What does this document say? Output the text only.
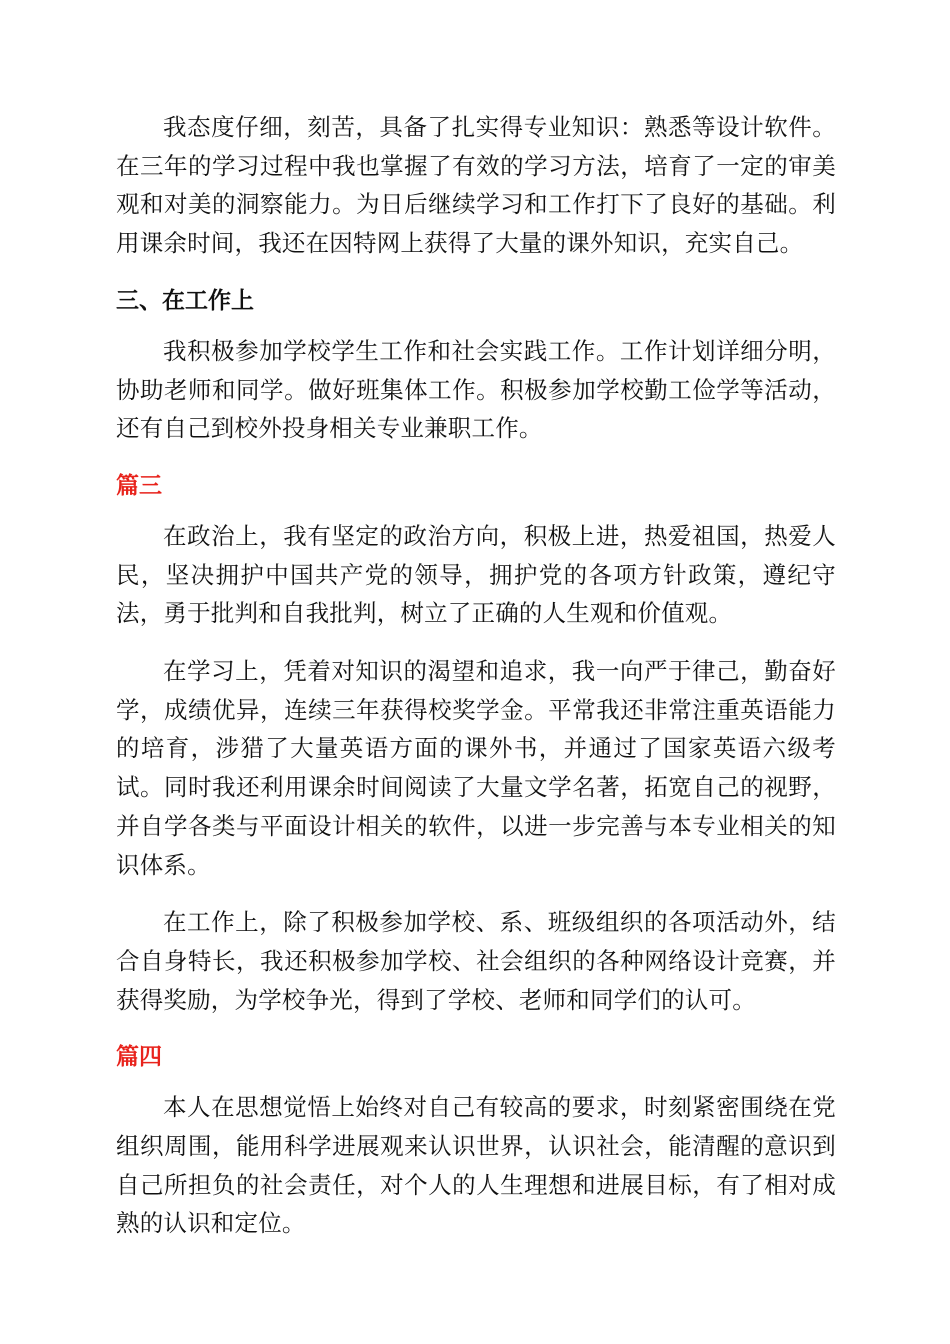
我态度仔细，刻苦，具备了扎实得专业知识：熟悉等设计软件。在三年的学习过程中我也掌握了有效的学习方法，培育了一定的审美观和对美的洞察能力。为日后继续学习和工作打下了良好的基础。利用课余时间，我还在因特网上获得了大量的课外知识，充实自己。

三、在工作上

我积极参加学校学生工作和社会实践工作。工作计划详细分明，协助老师和同学。做好班集体工作。积极参加学校勤工俭学等活动，还有自己到校外投身相关专业兼职工作。

篇三

在政治上，我有坚定的政治方向，积极上进，热爱祖国，热爱人民，坚决拥护中国共产党的领导，拥护党的各项方针政策，遵纪守法，勇于批判和自我批判，树立了正确的人生观和价值观。

在学习上，凭着对知识的渴望和追求，我一向严于律己，勤奋好学，成绩优异，连续三年获得校奖学金。平常我还非常注重英语能力的培育，涉猎了大量英语方面的课外书，并通过了国家英语六级考试。同时我还利用课余时间阅读了大量文学名著，拓宽自己的视野，并自学各类与平面设计相关的软件，以进一步完善与本专业相关的知识体系。

在工作上，除了积极参加学校、系、班级组织的各项活动外，结合自身特长，我还积极参加学校、社会组织的各种网络设计竞赛，并获得奖励，为学校争光，得到了学校、老师和同学们的认可。

篇四

本人在思想觉悟上始终对自己有较高的要求，时刻紧密围绕在党组织周围，能用科学进展观来认识世界，认识社会，能清醒的意识到自己所担负的社会责任，对个人的人生理想和进展目标，有了相对成熟的认识和定位。
